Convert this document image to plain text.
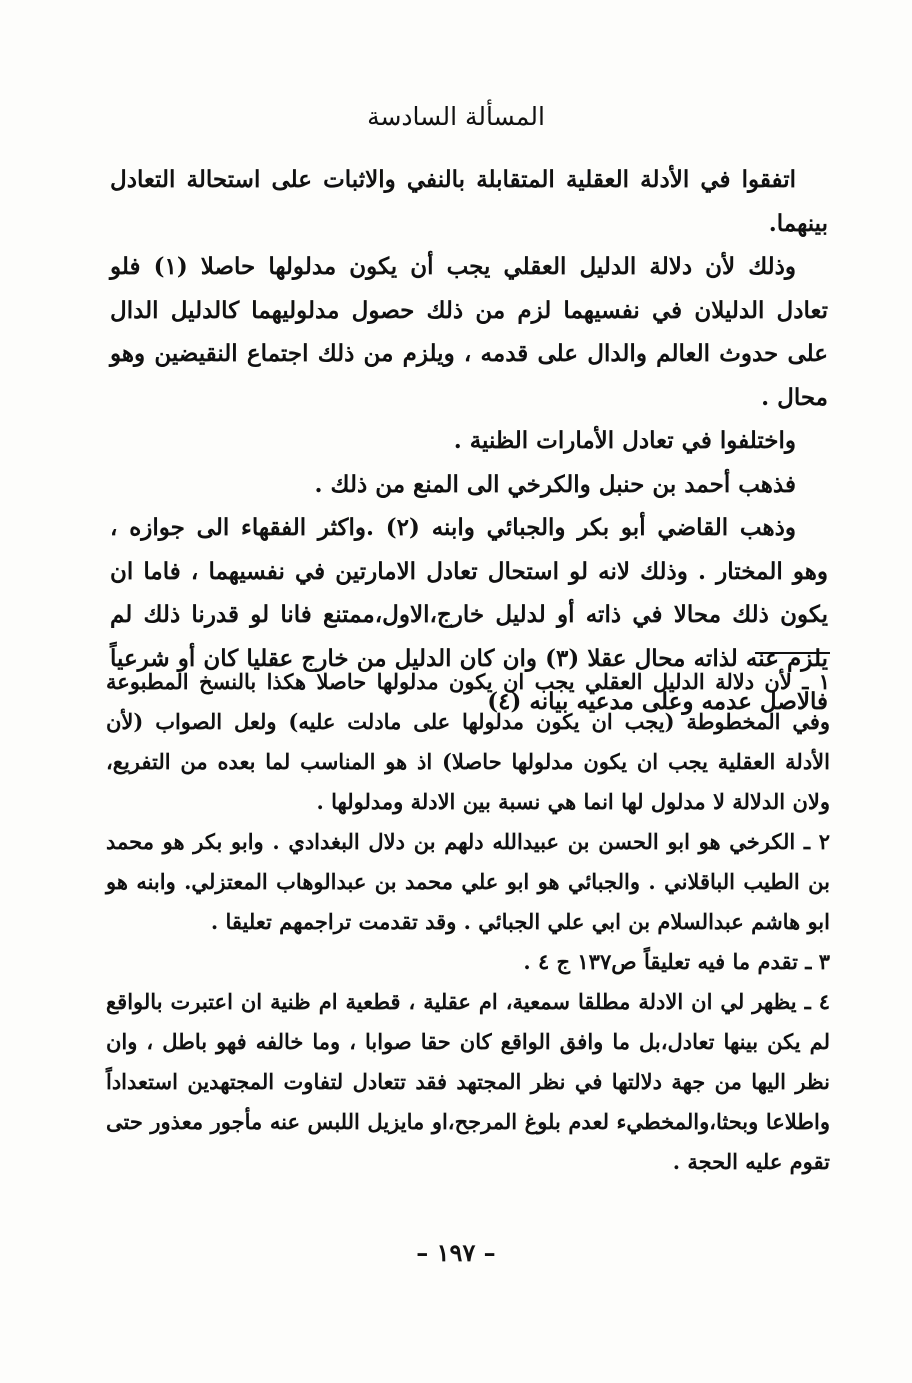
المسألة السادسة

اتفقوا في الأدلة العقلية المتقابلة بالنفي والاثبات على استحالة التعادل بينهما.

وذلك لأن دلالة الدليل العقلي يجب أن يكون مدلولها حاصلا (١) فلو تعادل الدليلان في نفسيهما لزم من ذلك حصول مدلوليهما كالدليل الدال على حدوث العالم والدال على قدمه ، ويلزم من ذلك اجتماع النقيضين وهو محال .

واختلفوا في تعادل الأمارات الظنية .

فذهب أحمد بن حنبل والكرخي الى المنع من ذلك .

وذهب القاضي أبو بكر والجبائي وابنه (٢) .واكثر الفقهاء الى جوازه ، وهو المختار . وذلك لانه لو استحال تعادل الامارتين في نفسيهما ، فاما ان يكون ذلك محالا في ذاته أو لدليل خارج،الاول،ممتنع فانا لو قدرنا ذلك لم يلزم عنه لذاته محال عقلا (٣) وان كان الدليل من خارج عقليا كان أو شرعياً فالاصل عدمه وعلى مدعيه بيانه (٤)

١ ـ لأن دلالة الدليل العقلي يجب ان يكون مدلولها حاصلا هكذا بالنسخ المطبوعة وفي المخطوطة (يجب ان يكون مدلولها على مادلت عليه) ولعل الصواب (لأن الأدلة العقلية يجب ان يكون مدلولها حاصلا) اذ هو المناسب لما بعده من التفريع، ولان الدلالة لا مدلول لها انما هي نسبة بين الادلة ومدلولها .

٢ ـ الكرخي هو ابو الحسن بن عبيدالله دلهم بن دلال البغدادي . وابو بكر هو محمد بن الطيب الباقلاني . والجبائي هو ابو علي محمد بن عبدالوهاب المعتزلي. وابنه هو ابو هاشم عبدالسلام بن ابي علي الجبائي . وقد تقدمت تراجمهم تعليقا .

٣ ـ تقدم ما فيه تعليقاً ص١٣٧ ج ٤ .

٤ ـ يظهر لي ان الادلة مطلقا سمعية، ام عقلية ، قطعية ام ظنية ان اعتبرت بالواقع لم يكن بينها تعادل،بل ما وافق الواقع كان حقا صوابا ، وما خالفه فهو باطل ، وان نظر اليها من جهة دلالتها في نظر المجتهد فقد تتعادل لتفاوت المجتهدين استعداداً واطلاعا وبحثا،والمخطيء لعدم بلوغ المرجح،او مايزيل اللبس عنه مأجور معذور حتى تقوم عليه الحجة .

– ١٩٧ –
